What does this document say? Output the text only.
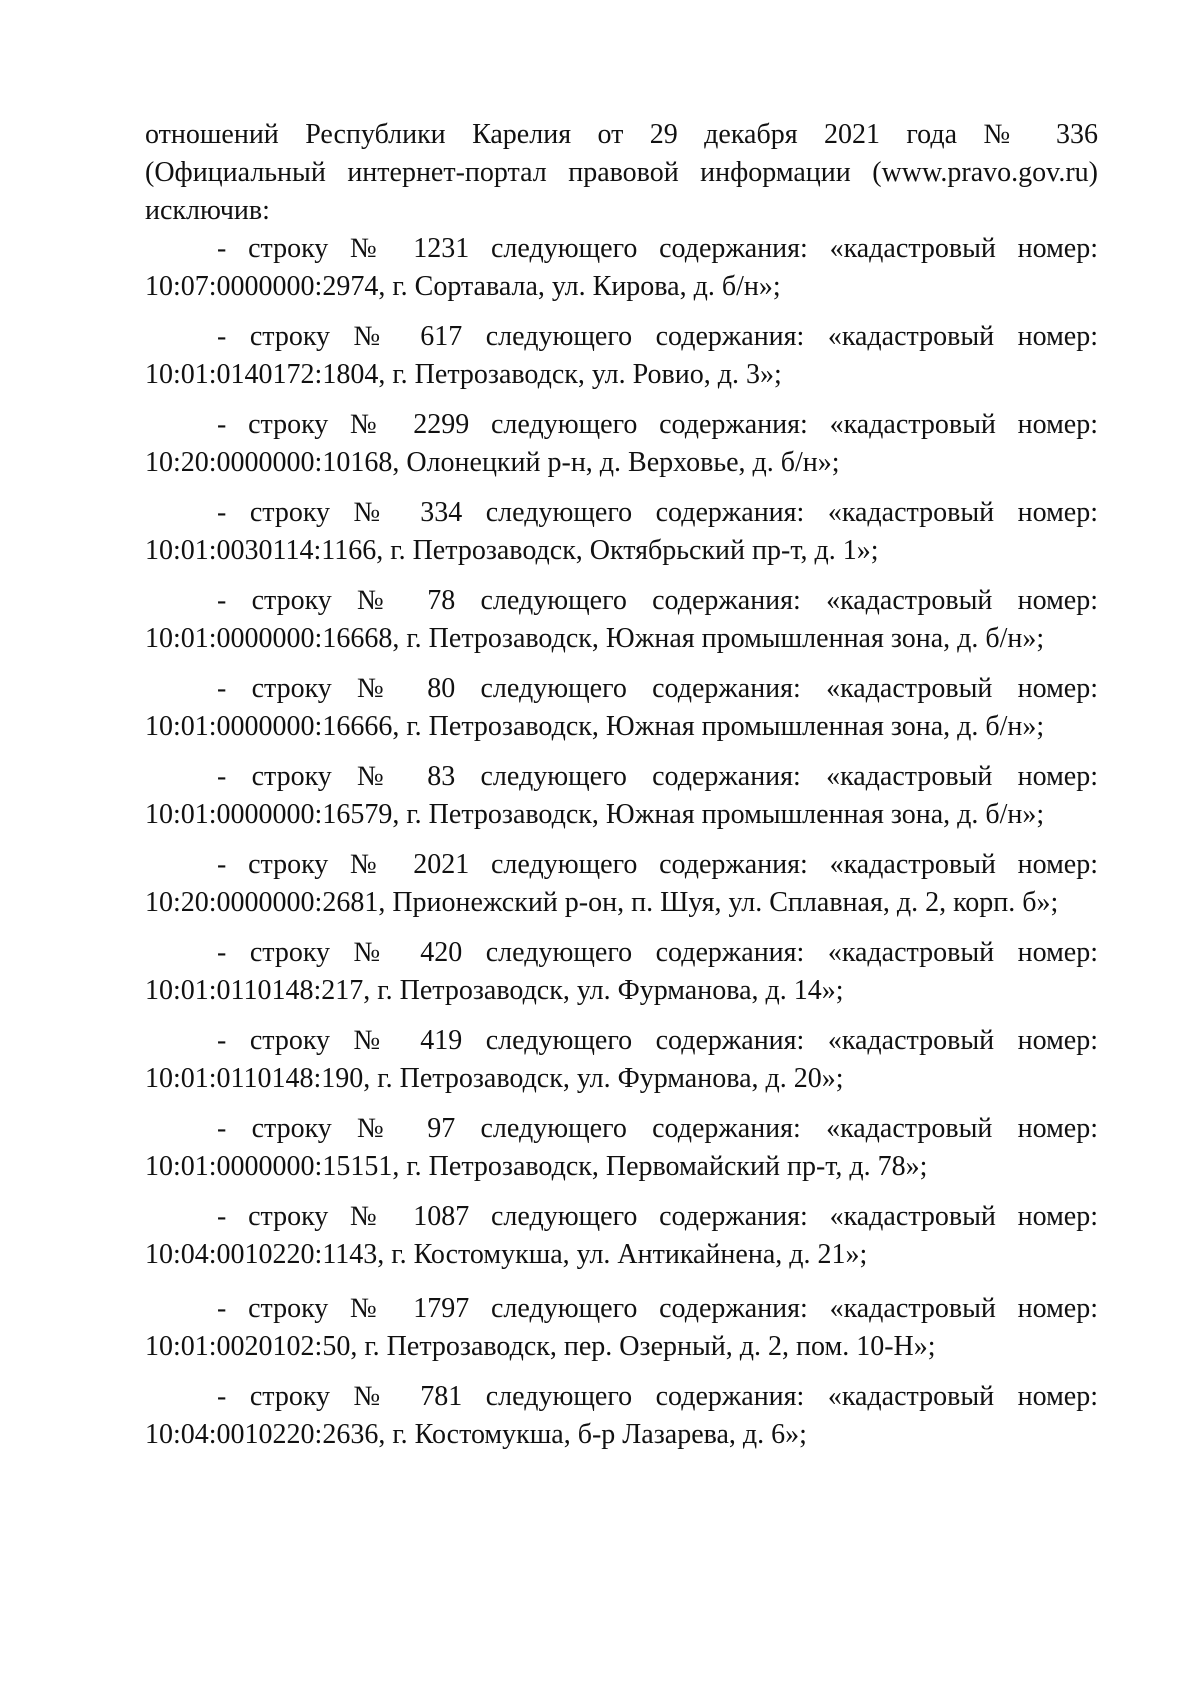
отношений Республики Карелия от 29 декабря 2021 года № 336
(Официальный интернет-портал правовой информации (www.pravo.gov.ru)
исключив:
- строку № 1231 следующего содержания: «кадастровый номер:
10:07:0000000:2974, г. Сортавала, ул. Кирова, д. б/н»;
- строку № 617 следующего содержания: «кадастровый номер:
10:01:0140172:1804, г. Петрозаводск, ул. Ровио, д. 3»;
- строку № 2299 следующего содержания: «кадастровый номер:
10:20:0000000:10168, Олонецкий р-н, д. Верховье, д. б/н»;
- строку № 334 следующего содержания: «кадастровый номер:
10:01:0030114:1166, г. Петрозаводск, Октябрьский пр-т, д. 1»;
- строку № 78 следующего содержания: «кадастровый номер:
10:01:0000000:16668, г. Петрозаводск, Южная промышленная зона, д. б/н»;
- строку № 80 следующего содержания: «кадастровый номер:
10:01:0000000:16666, г. Петрозаводск, Южная промышленная зона, д. б/н»;
- строку № 83 следующего содержания: «кадастровый номер:
10:01:0000000:16579, г. Петрозаводск, Южная промышленная зона, д. б/н»;
- строку № 2021 следующего содержания: «кадастровый номер:
10:20:0000000:2681, Прионежский р-он, п. Шуя, ул. Сплавная, д. 2, корп. б»;
- строку № 420 следующего содержания: «кадастровый номер:
10:01:0110148:217, г. Петрозаводск, ул. Фурманова, д. 14»;
- строку № 419 следующего содержания: «кадастровый номер:
10:01:0110148:190, г. Петрозаводск, ул. Фурманова, д. 20»;
- строку № 97 следующего содержания: «кадастровый номер:
10:01:0000000:15151, г. Петрозаводск, Первомайский пр-т, д. 78»;
- строку № 1087 следующего содержания: «кадастровый номер:
10:04:0010220:1143, г. Костомукша, ул. Антикайнена, д. 21»;
- строку № 1797 следующего содержания: «кадастровый номер:
10:01:0020102:50, г. Петрозаводск, пер. Озерный, д. 2, пом. 10-Н»;
- строку № 781 следующего содержания: «кадастровый номер:
10:04:0010220:2636, г. Костомукша, б-р Лазарева, д. 6»;
